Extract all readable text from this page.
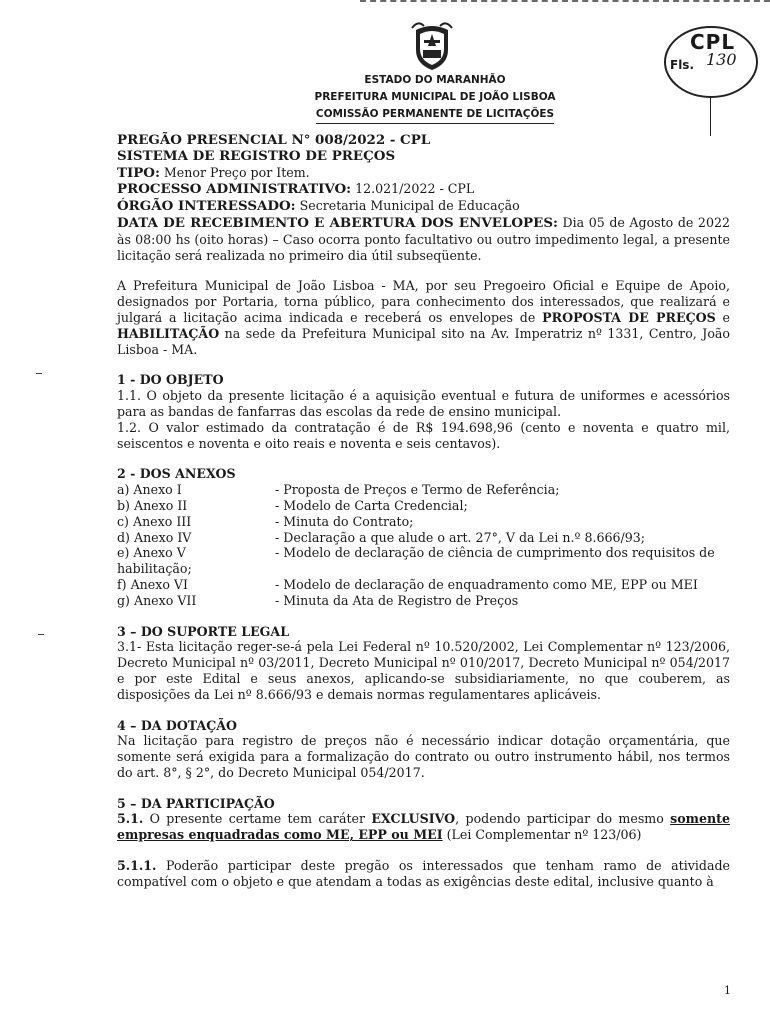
ESTADO DO MARANHÃO
PREFEITURA MUNICIPAL DE JOÃO LISBOA
COMISSÃO PERMANENTE DE LICITAÇÕES
CPL
Fls. 130

PREGÃO PRESENCIAL N° 008/2022 - CPL

SISTEMA DE REGISTRO DE PREÇOS

TIPO: Menor Preço por Item.

PROCESSO ADMINISTRATIVO: 12.021/2022 - CPL

ÓRGÃO INTERESSADO: Secretaria Municipal de Educação

DATA DE RECEBIMENTO E ABERTURA DOS ENVELOPES: Dia 05 de Agosto de 2022 às 08:00 hs (oito horas) – Caso ocorra ponto facultativo ou outro impedimento legal, a presente licitação será realizada no primeiro dia útil subseqüente.

A Prefeitura Municipal de João Lisboa - MA, por seu Pregoeiro Oficial e Equipe de Apoio, designados por Portaria, torna público, para conhecimento dos interessados, que realizará e julgará a licitação acima indicada e receberá os envelopes de PROPOSTA DE PREÇOS e HABILITAÇÃO na sede da Prefeitura Municipal sito na Av. Imperatriz nº 1331, Centro, João Lisboa - MA.

1 - DO OBJETO

1.1. O objeto da presente licitação é a aquisição eventual e futura de uniformes e acessórios para as bandas de fanfarras das escolas da rede de ensino municipal.

1.2. O valor estimado da contratação é de R$ 194.698,96 (cento e noventa e quatro mil, seiscentos e noventa e oito reais e noventa e seis centavos).

2 - DOS ANEXOS

a) Anexo I	- Proposta de Preços e Termo de Referência;
b) Anexo II	- Modelo de Carta Credencial;
c) Anexo III	- Minuta do Contrato;
d) Anexo IV	- Declaração a que alude o art. 27°, V da Lei n.º 8.666/93;
e) Anexo V	- Modelo de declaração de ciência de cumprimento dos requisitos de

habilitação;

f) Anexo VI	- Modelo de declaração de enquadramento como ME, EPP ou MEI
g) Anexo VII	- Minuta da Ata de Registro de Preços

3 – DO SUPORTE LEGAL

3.1- Esta licitação reger-se-á pela Lei Federal nº 10.520/2002, Lei Complementar nº 123/2006, Decreto Municipal nº 03/2011, Decreto Municipal nº 010/2017, Decreto Municipal nº 054/2017 e por este Edital e seus anexos, aplicando-se subsidiariamente, no que couberem, as disposições da Lei nº 8.666/93 e demais normas regulamentares aplicáveis.

4 – DA DOTAÇÃO

Na licitação para registro de preços não é necessário indicar dotação orçamentária, que somente será exigida para a formalização do contrato ou outro instrumento hábil, nos termos do art. 8°, § 2°, do Decreto Municipal 054/2017.

5 – DA PARTICIPAÇÃO

5.1. O presente certame tem caráter EXCLUSIVO, podendo participar do mesmo somente empresas enquadradas como ME, EPP ou MEI (Lei Complementar nº 123/06)

5.1.1. Poderão participar deste pregão os interessados que tenham ramo de atividade compatível com o objeto e que atendam a todas as exigências deste edital, inclusive quanto à

1
